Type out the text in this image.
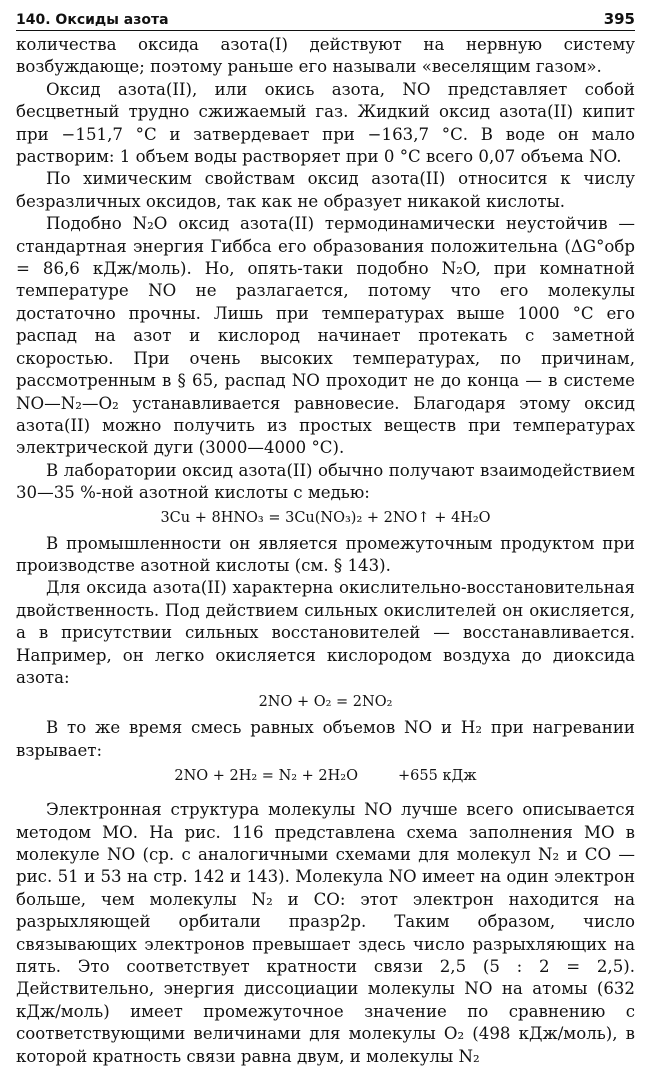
140. Оксиды азота	395

количества оксида азота(I) действуют на нервную систему возбуждающе; поэтому раньше его называли «веселящим газом».

Оксид азота(II), или окись азота, NO представляет собой бесцветный трудно сжижаемый газ. Жидкий оксид азота(II) кипит при −151,7 °С и затвердевает при −163,7 °С. В воде он мало растворим: 1 объем воды растворяет при 0 °С всего 0,07 объема NO.

По химическим свойствам оксид азота(II) относится к числу безразличных оксидов, так как не образует никакой кислоты.

Подобно N₂O оксид азота(II) термодинамически неустойчив — стандартная энергия Гиббса его образования положительна (ΔG°обр = 86,6 кДж/моль). Но, опять-таки подобно N₂O, при комнатной температуре NO не разлагается, потому что его молекулы достаточно прочны. Лишь при температурах выше 1000 °С его распад на азот и кислород начинает протекать с заметной скоростью. При очень высоких температурах, по причинам, рассмотренным в § 65, распад NO проходит не до конца — в системе NO—N₂—O₂ устанавливается равновесие. Благодаря этому оксид азота(II) можно получить из простых веществ при температурах электрической дуги (3000—4000 °С).

В лаборатории оксид азота(II) обычно получают взаимодействием 30—35 %-ной азотной кислоты с медью:

3Cu + 8HNO₃ = 3Cu(NO₃)₂ + 2NO↑ + 4H₂O

В промышленности он является промежуточным продуктом при производстве азотной кислоты (см. § 143).

Для оксида азота(II) характерна окислительно-восстановительная двойственность. Под действием сильных окислителей он окисляется, а в присутствии сильных восстановителей — восстанавливается. Например, он легко окисляется кислородом воздуха до диоксида азота:

2NO + O₂ = 2NO₂

В то же время смесь равных объемов NO и H₂ при нагревании взрывает:

2NO + 2H₂ = N₂ + 2H₂O	+655 кДж

Электронная структура молекулы NO лучше всего описывается методом МО. На рис. 116 представлена схема заполнения МО в молекуле NO (ср. с аналогичными схемами для молекул N₂ и CO — рис. 51 и 53 на стр. 142 и 143). Молекула NO имеет на один электрон больше, чем молекулы N₂ и CO: этот электрон находится на разрыхляющей орбитали πразр2p. Таким образом, число связывающих электронов превышает здесь число разрыхляющих на пять. Это соответствует кратности связи 2,5 (5 : 2 = 2,5). Действительно, энергия диссоциации молекулы NO на атомы (632 кДж/моль) имеет промежуточное значение по сравнению с соответствующими величинами для молекулы O₂ (498 кДж/моль), в которой кратность связи равна двум, и молекулы N₂
